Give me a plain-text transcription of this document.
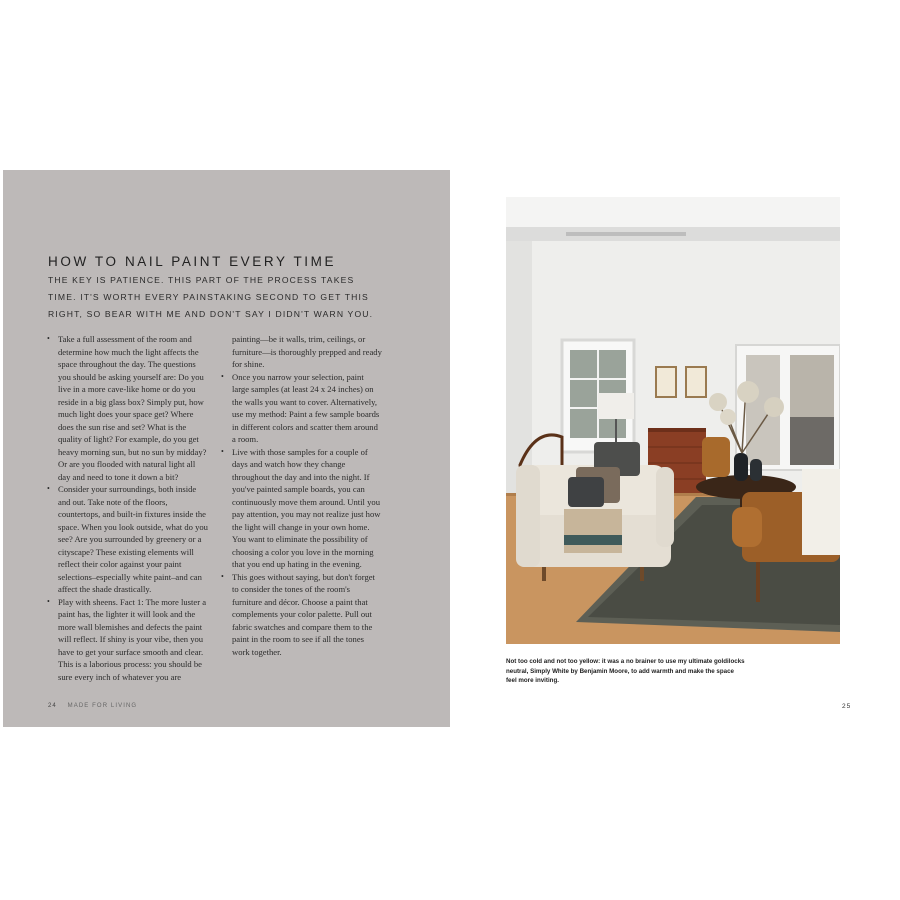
HOW TO NAIL PAINT EVERY TIME
THE KEY IS PATIENCE. THIS PART OF THE PROCESS TAKES TIME. IT'S WORTH EVERY PAINSTAKING SECOND TO GET THIS RIGHT, SO BEAR WITH ME AND DON'T SAY I DIDN'T WARN YOU.
• Take a full assessment of the room and determine how much the light affects the space throughout the day. The questions you should be asking yourself are: Do you live in a more cave-like home or do you reside in a big glass box? Simply put, how much light does your space get? Where does the sun rise and set? What is the quality of light? For example, do you get heavy morning sun, but no sun by midday? Or are you flooded with natural light all day and need to tone it down a bit?
• Consider your surroundings, both inside and out. Take note of the floors, countertops, and built-in fixtures inside the space. When you look outside, what do you see? Are you surrounded by greenery or a cityscape? These existing elements will reflect their color against your paint selections–especially white paint–and can affect the shade drastically.
• Play with sheens. Fact 1: The more luster a paint has, the lighter it will look and the more wall blemishes and defects the paint will reflect. If shiny is your vibe, then you have to get your surface smooth and clear. This is a laborious process: you should be sure every inch of whatever you are
painting—be it walls, trim, ceilings, or furniture—is thoroughly prepped and ready for shine.
• Once you narrow your selection, paint large samples (at least 24 x 24 inches) on the walls you want to cover. Alternatively, use my method: Paint a few sample boards in different colors and scatter them around a room.
• Live with those samples for a couple of days and watch how they change throughout the day and into the night. If you've painted sample boards, you can continuously move them around. Until you pay attention, you may not realize just how the light will change in your own home. You want to eliminate the possibility of choosing a color you love in the morning that you end up hating in the evening.
• This goes without saying, but don't forget to consider the tones of the room's furniture and décor. Choose a paint that complements your color palette. Pull out fabric swatches and compare them to the paint in the room to see if all the tones work together.
24 MADE FOR LIVING
Not too cold and not too yellow: it was a no brainer to use my ultimate goldilocks neutral, Simply White by Benjamin Moore, to add warmth and make the space feel more inviting.
25
